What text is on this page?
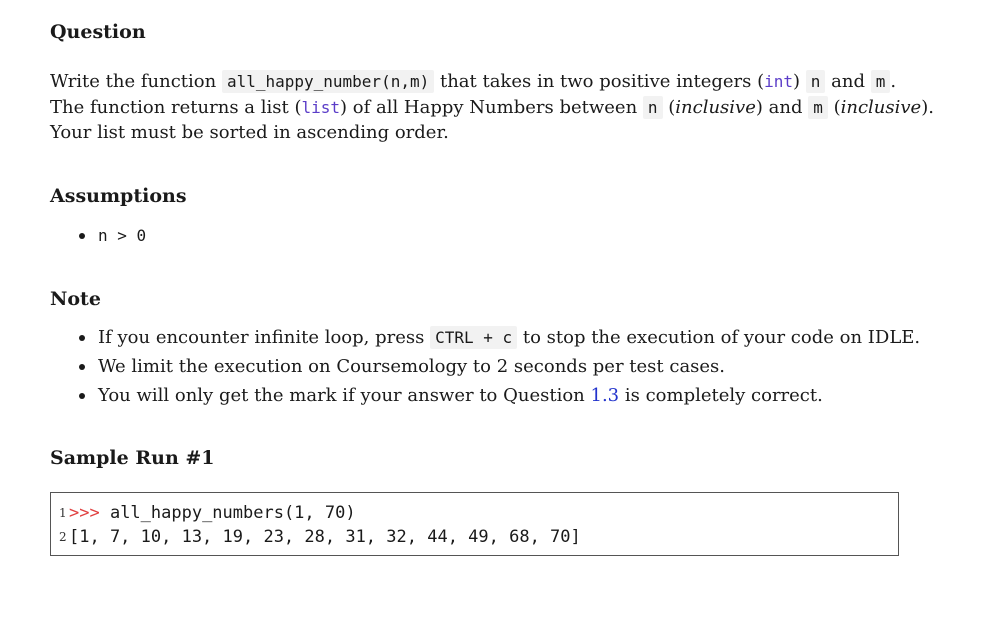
Question
Write the function all_happy_number(n,m) that takes in two positive integers (int) n and m .
The function returns a list (list) of all Happy Numbers between n (inclusive) and m (inclusive).
Your list must be sorted in ascending order.
Assumptions
n > 0
Note
If you encounter infinite loop, press CTRL + c to stop the execution of your code on IDLE.
We limit the execution on Coursemology to 2 seconds per test cases.
You will only get the mark if your answer to Question 1.3 is completely correct.
Sample Run #1
1 >>> all_happy_numbers(1, 70)
2 [1, 7, 10, 13, 19, 23, 28, 31, 32, 44, 49, 68, 70]
